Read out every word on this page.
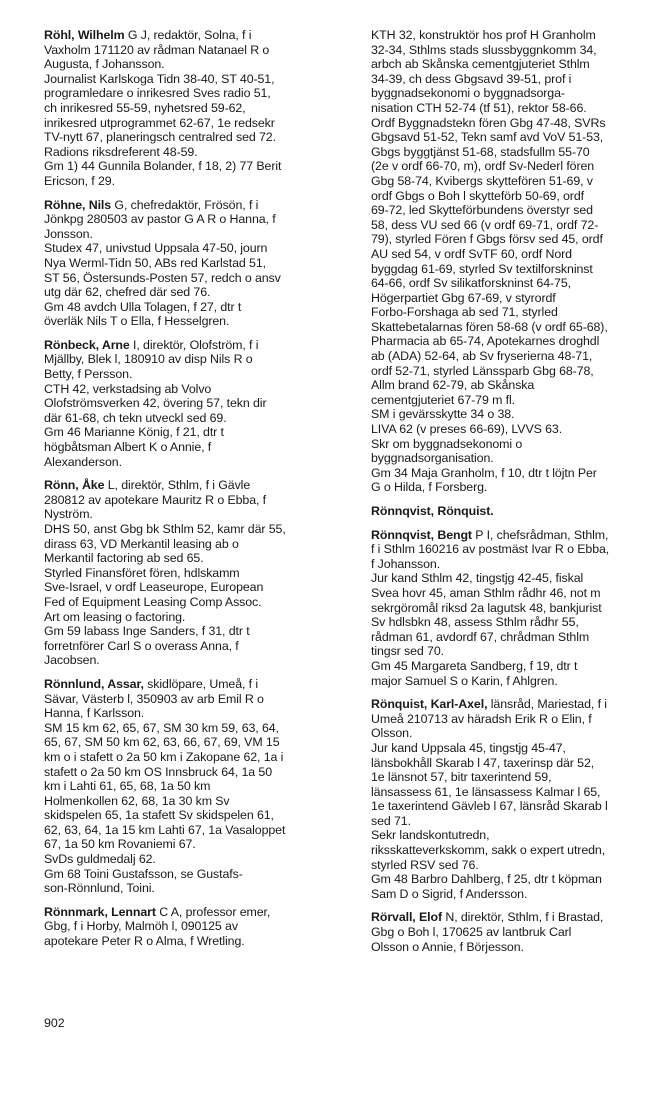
Röhl, Wilhelm G J, redaktör, Solna, f i
Vaxholm 171120 av rådman Natanael R o
Augusta, f Johansson.
Journalist Karlskoga Tidn 38-40, ST 40-51,
programledare o inrikesred Sves radio 51,
ch inrikesred 55-59, nyhetsred 59-62,
inrikesred utprogrammet 62-67, 1e redsekr
TV-nytt 67, planeringsch centralred sed 72.
Radions riksdreferent 48-59.
Gm 1) 44 Gunnila Bolander, f 18, 2) 77 Berit
Ericson, f 29.
Röhne, Nils G, chefredaktör, Frösön, f i
Jönkpg 280503 av pastor G A R o Hanna, f
Jonsson.
Studex 47, univstud Uppsala 47-50, journ
Nya Werml-Tidn 50, ABs red Karlstad 51,
ST 56, Östersunds-Posten 57, redch o ansv
utg där 62, chefred där sed 76.
Gm 48 avdch Ulla Tolagen, f 27, dtr t
överläk Nils T o Ella, f Hesselgren.
Rönbeck, Arne I, direktör, Olofström, f i
Mjällby, Blek l, 180910 av disp Nils R o
Betty, f Persson.
CTH 42, verkstadsing ab Volvo
Olofströmsverken 42, övering 57, tekn dir
där 61-68, ch tekn utveckl sed 69.
Gm 46 Marianne König, f 21, dtr t
högbåtsman Albert K o Annie, f
Alexanderson.
Rönn, Åke L, direktör, Sthlm, f i Gävle
280812 av apotekare Mauritz R o Ebba, f
Nyström.
DHS 50, anst Gbg bk Sthlm 52, kamr där 55,
dirass 63, VD Merkantil leasing ab o
Merkantil factoring ab sed 65.
Styrled Finansföret fören, hdlskamm
Sve-Israel, v ordf Leaseurope, European
Fed of Equipment Leasing Comp Assoc.
Art om leasing o factoring.
Gm 59 labass Inge Sanders, f 31, dtr t
forretnförer Carl S o overass Anna, f
Jacobsen.
Rönnlund, Assar, skidlöpare, Umeå, f i
Sävar, Västerb l, 350903 av arb Emil R o
Hanna, f Karlsson.
SM 15 km 62, 65, 67, SM 30 km 59, 63, 64,
65, 67, SM 50 km 62, 63, 66, 67, 69, VM 15
km o i stafett o 2a 50 km i Zakopane 62, 1a i
stafett o 2a 50 km OS Innsbruck 64, 1a 50
km i Lahti 61, 65, 68, 1a 50 km
Holmenkollen 62, 68, 1a 30 km Sv
skidspelen 65, 1a stafett Sv skidspelen 61,
62, 63, 64, 1a 15 km Lahti 67, 1a Vasaloppet
67, 1a 50 km Rovaniemi 67.
SvDs guldmedalj 62.
Gm 68 Toini Gustafsson, se Gustafs-
son-Rönnlund, Toini.
Rönnmark, Lennart C A, professor emer,
Gbg, f i Horby, Malmöh l, 090125 av
apotekare Peter R o Alma, f Wretling.
KTH 32, konstruktör hos prof H Granholm
32-34, Sthlms stads slussbyggnkomm 34,
arbch ab Skånska cementgjuteriet Sthlm
34-39, ch dess Gbgsavd 39-51, prof i
byggnadsekonomi o byggnadsorga-
nisation CTH 52-74 (tf 51), rektor 58-66.
Ordf Byggnadstekn fören Gbg 47-48, SVRs
Gbgsavd 51-52, Tekn samf avd VoV 51-53,
Gbgs byggtjänst 51-68, stadsfullm 55-70
(2e v ordf 66-70, m), ordf Sv-Nederl fören
Gbg 58-74, Kvibergs skyttefören 51-69, v
ordf Gbgs o Boh l skytteförb 50-69, ordf
69-72, led Skytteförbundens överstyr sed
58, dess VU sed 66 (v ordf 69-71, ordf 72-
79), styrled Fören f Gbgs försv sed 45, ordf
AU sed 54, v ordf SvTF 60, ordf Nord
byggdag 61-69, styrled Sv textilforskninst
64-66, ordf Sv silikatforskninst 64-75,
Högerpartiet Gbg 67-69, v styrordf
Forbo-Forshaga ab sed 71, styrled
Skattebetalarnas fören 58-68 (v ordf 65-68),
Pharmacia ab 65-74, Apotekarnes droghdl
ab (ADA) 52-64, ab Sv fryserierna 48-71,
ordf 52-71, styrled Länssparb Gbg 68-78,
Allm brand 62-79, ab Skånska
cementgjuteriet 67-79 m fl.
SM i gevärsskytte 34 o 38.
LIVA 62 (v preses 66-69), LVVS 63.
Skr om byggnadsekonomi o
byggnadsorganisation.
Gm 34 Maja Granholm, f 10, dtr t löjtn Per
G o Hilda, f Forsberg.
Rönnqvist, Rönquist.
Rönnqvist, Bengt P I, chefsrådman, Sthlm,
f i Sthlm 160216 av postmäst Ivar R o Ebba,
f Johansson.
Jur kand Sthlm 42, tingstjg 42-45, fiskal
Svea hovr 45, aman Sthlm rådhr 46, not m
sekrgöromål riksd 2a lagutsk 48, bankjurist
Sv hdlsbkn 48, assess Sthlm rådhr 55,
rådman 61, avdordf 67, chrådman Sthlm
tingsr sed 70.
Gm 45 Margareta Sandberg, f 19, dtr t
major Samuel S o Karin, f Ahlgren.
Rönquist, Karl-Axel, länsråd, Mariestad, f i
Umeå 210713 av häradsh Erik R o Elin, f
Olsson.
Jur kand Uppsala 45, tingstjg 45-47,
länsbokhåll Skarab l 47, taxerinsp där 52,
1e länsnot 57, bitr taxerintend 59,
länsassess 61, 1e länsassess Kalmar l 65,
1e taxerintend Gävleb l 67, länsråd Skarab l
sed 71.
Sekr landskontutredn,
riksskatteverkskomm, sakk o expert utredn,
styrled RSV sed 76.
Gm 48 Barbro Dahlberg, f 25, dtr t köpman
Sam D o Sigrid, f Andersson.
Rörvall, Elof N, direktör, Sthlm, f i Brastad,
Gbg o Boh l, 170625 av lantbruk Carl
Olsson o Annie, f Börjesson.
902
